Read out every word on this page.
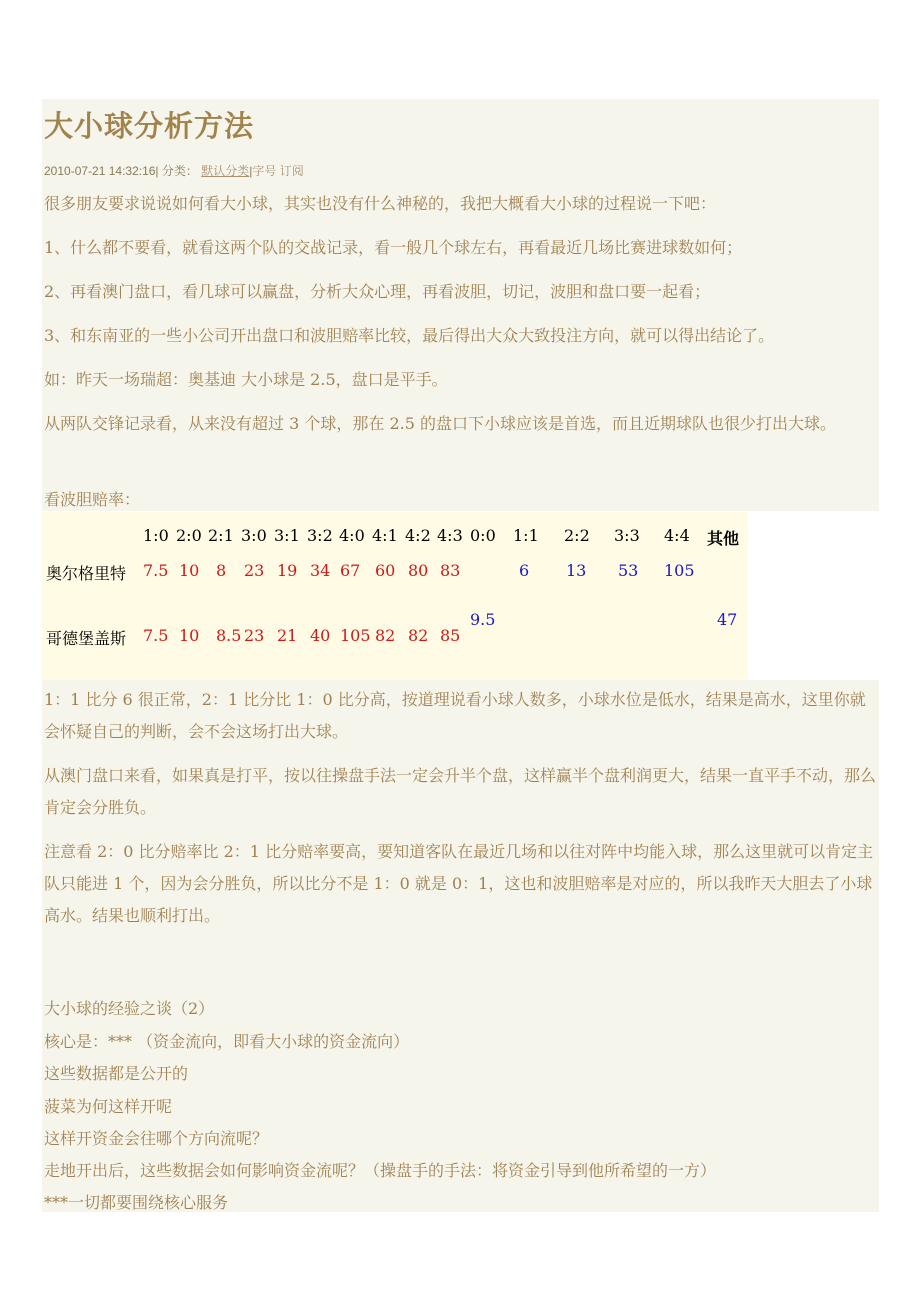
大小球分析方法
2010-07-21 14:32:16| 分类： 默认分类|字号 订阅

很多朋友要求说说如何看大小球，其实也没有什么神秘的，我把大概看大小球的过程说一下吧：

1、什么都不要看，就看这两个队的交战记录，看一般几个球左右，再看最近几场比赛进球数如何；

2、再看澳门盘口，看几球可以赢盘，分析大众心理，再看波胆，切记，波胆和盘口要一起看；

3、和东南亚的一些小公司开出盘口和波胆赔率比较，最后得出大众大致投注方向，就可以得出结论了。

如：昨天一场瑞超：奥基迪 大小球是 2.5，盘口是平手。

从两队交锋记录看，从来没有超过 3 个球，那在 2.5 的盘口下小球应该是首选，而且近期球队也很少打出大球。

看波胆赔率：

1:0 2:0 2:1 3:0 3:1 3:2 4:0 4:1 4:2 4:3 0:0 1:1 2:2 3:3 4:4 其他
奥尔格里特
哥德堡盖斯
7.5 10 8 23 19 34 67 60 80 83	6 13 53 105
7.5 10 8.5 23 21 40 105 82 82 85
9.5	47

1：1 比分 6 很正常，2：1 比分比 1：0 比分高，按道理说看小球人数多，小球水位是低水，结果是高水，这里你就会怀疑自己的判断，会不会这场打出大球。

从澳门盘口来看，如果真是打平，按以往操盘手法一定会升半个盘，这样赢半个盘利润更大，结果一直平手不动，那么肯定会分胜负。

注意看 2：0 比分赔率比 2：1 比分赔率要高，要知道客队在最近几场和以往对阵中均能入球，那么这里就可以肯定主队只能进 1 个，因为会分胜负，所以比分不是 1：0 就是 0：1，这也和波胆赔率是对应的，所以我昨天大胆去了小球高水。结果也顺利打出。

大小球的经验之谈（2）

核心是：*** （资金流向，即看大小球的资金流向）

这些数据都是公开的

菠菜为何这样开呢

这样开资金会往哪个方向流呢？

走地开出后，这些数据会如何影响资金流呢？（操盘手的手法：将资金引导到他所希望的一方）

***一切都要围绕核心服务
